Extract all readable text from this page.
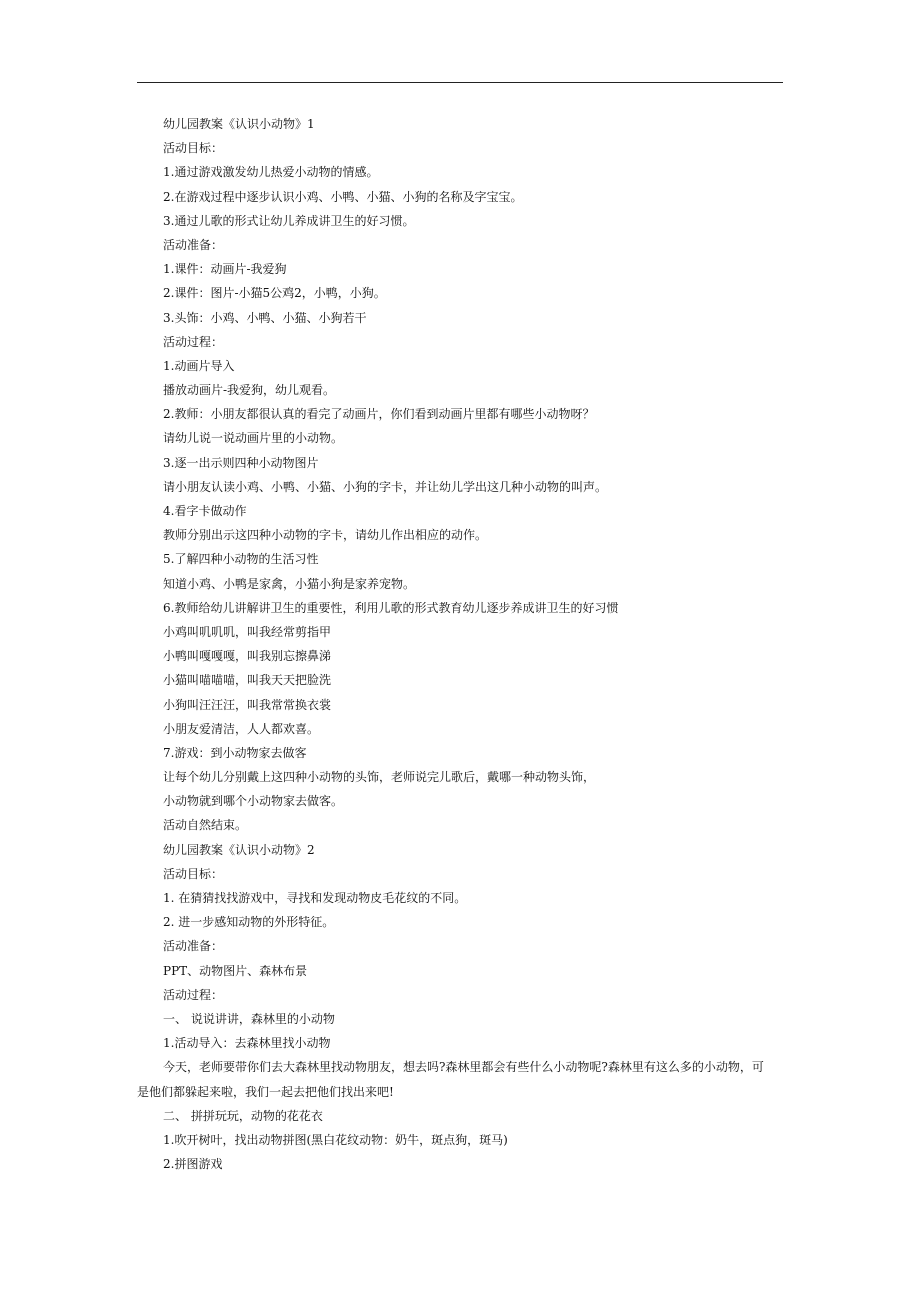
幼儿园教案《认识小动物》1
活动目标：
1.通过游戏激发幼儿热爱小动物的情感。
2.在游戏过程中逐步认识小鸡、小鸭、小猫、小狗的名称及字宝宝。
3.通过儿歌的形式让幼儿养成讲卫生的好习惯。
活动准备：
1.课件：动画片-我爱狗
2.课件：图片-小猫5公鸡2，小鸭，小狗。
3.头饰：小鸡、小鸭、小猫、小狗若干
活动过程：
1.动画片导入
播放动画片-我爱狗，幼儿观看。
2.教师：小朋友都很认真的看完了动画片，你们看到动画片里都有哪些小动物呀？
请幼儿说一说动画片里的小动物。
3.逐一出示则四种小动物图片
请小朋友认读小鸡、小鸭、小猫、小狗的字卡，并让幼儿学出这几种小动物的叫声。
4.看字卡做动作
教师分别出示这四种小动物的字卡，请幼儿作出相应的动作。
5.了解四种小动物的生活习性
知道小鸡、小鸭是家禽，小猫小狗是家养宠物。
6.教师给幼儿讲解讲卫生的重要性，利用儿歌的形式教育幼儿逐步养成讲卫生的好习惯
小鸡叫叽叽叽，叫我经常剪指甲
小鸭叫嘎嘎嘎，叫我别忘擦鼻涕
小猫叫喵喵喵，叫我天天把脸洗
小狗叫汪汪汪，叫我常常换衣裳
小朋友爱清洁，人人都欢喜。
7.游戏：到小动物家去做客
让每个幼儿分别戴上这四种小动物的头饰，老师说完儿歌后，戴哪一种动物头饰，
小动物就到哪个小动物家去做客。
活动自然结束。
幼儿园教案《认识小动物》2
活动目标：
1. 在猜猜找找游戏中，寻找和发现动物皮毛花纹的不同。
2. 进一步感知动物的外形特征。
活动准备：
PPT、动物图片、森林布景
活动过程：
一、 说说讲讲，森林里的小动物
1.活动导入：去森林里找小动物
今天，老师要带你们去大森林里找动物朋友，想去吗?森林里都会有些什么小动物呢?森林里有这么多的小动物，可
是他们都躲起来啦，我们一起去把他们找出来吧!
二、 拼拼玩玩，动物的花花衣
1.吹开树叶，找出动物拼图(黑白花纹动物：奶牛，斑点狗，斑马)
2.拼图游戏
